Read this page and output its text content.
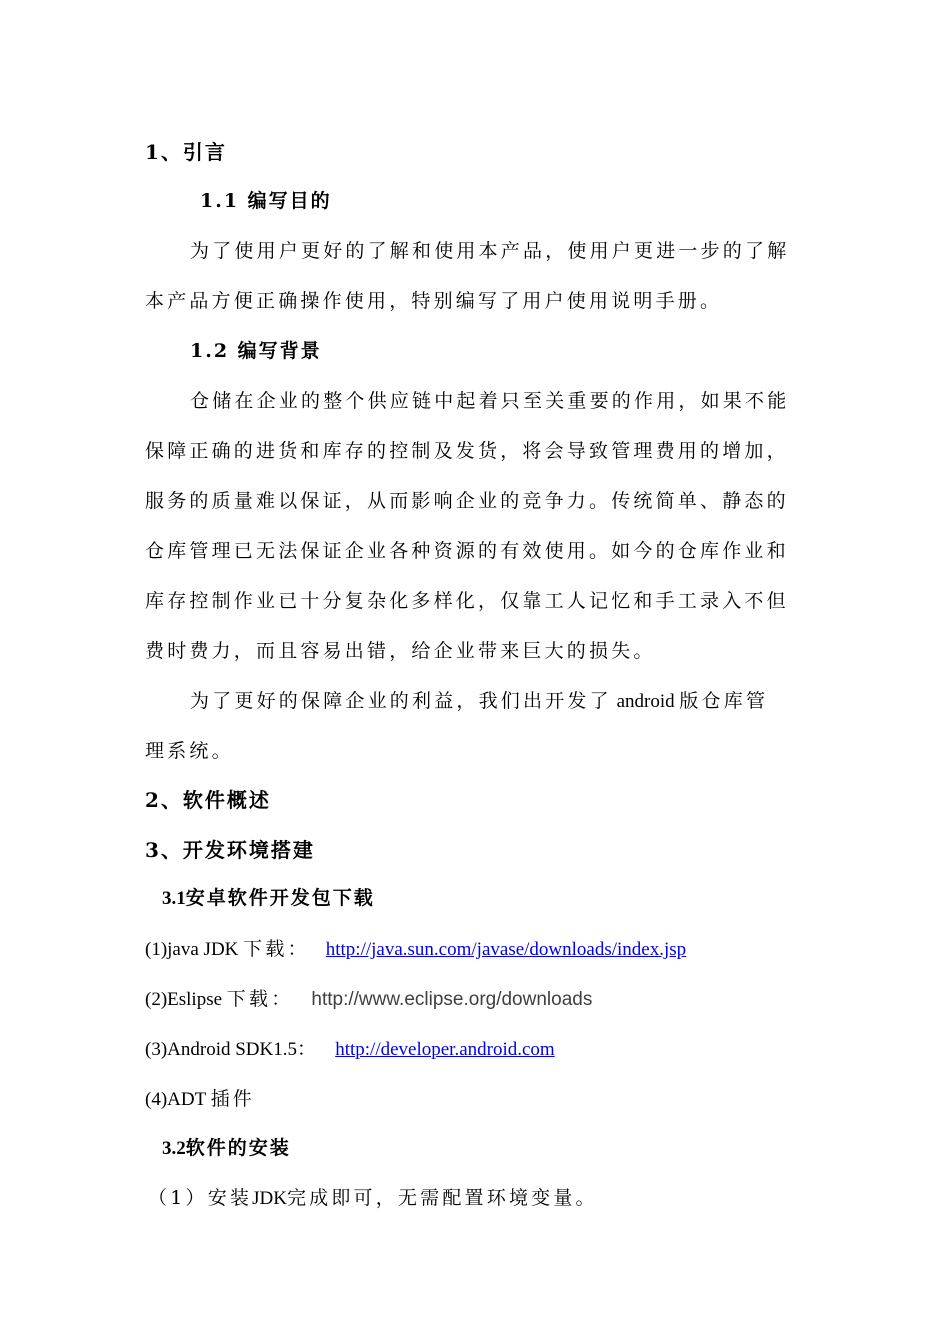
1、引言
1.1 编写目的
为了使用户更好的了解和使用本产品，使用户更进一步的了解
本产品方便正确操作使用，特别编写了用户使用说明手册。
1.2 编写背景
仓储在企业的整个供应链中起着只至关重要的作用，如果不能
保障正确的进货和库存的控制及发货，将会导致管理费用的增加，
服务的质量难以保证，从而影响企业的竞争力。传统简单、静态的
仓库管理已无法保证企业各种资源的有效使用。如今的仓库作业和
库存控制作业已十分复杂化多样化，仅靠工人记忆和手工录入不但
费时费力，而且容易出错，给企业带来巨大的损失。
为了更好的保障企业的利益，我们出开发了 android 版仓库管
理系统。
2、软件概述
3、开发环境搭建
3.1安卓软件开发包下载
(1)java JDK 下载： http://java.sun.com/javase/downloads/index.jsp
(2)Eslipse 下载： http://www.eclipse.org/downloads
(3)Android SDK1.5： http://developer.android.com
(4)ADT 插件
3.2软件的安装
（1）安装JDK完成即可，无需配置环境变量。
